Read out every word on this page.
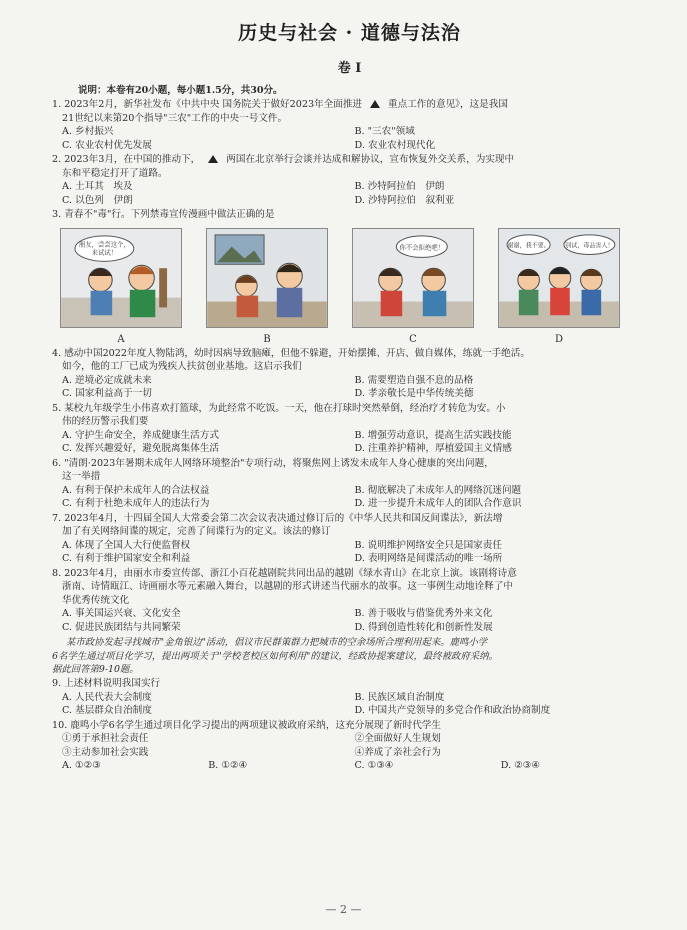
历史与社会 · 道德与法治
卷 Ⅰ
说明：本卷有20小题，每小题1.5分，共30分。
1. 2023年2月，新华社发布《中共中央 国务院关于做好2023年全面推进	重点工作的意见》，这是我国
21世纪以来第20个指导"三农"工作的中央一号文件。
A. 乡村振兴	B. "三农"领域
C. 农业农村优先发展	D. 农业农村现代化
2. 2023年3月，在中国的推动下，	两国在北京举行会谈并达成和解协议，宣布恢复外交关系，为实现中
东和平稳定打开了道路。
A. 土耳其　埃及	B. 沙特阿拉伯　伊朗
C. 以色列　伊朗	D. 沙特阿拉伯　叙利亚
3. 青春不"毒"行。下列禁毒宣传漫画中做法正确的是
朋友，尝尝这个，
来试试！
A	B
你不会拒绝吧！
C
谢谢，我不要。 别试，毒品害人！
D
4. 感动中国2022年度人物陆鸿，幼时因病导致脑瘫，但他不躲避，开始摆摊、开店、做自媒体，练就一手绝活。
如今，他的工厂已成为残疾人扶贫创业基地。这启示我们
A. 逆境必定成就未来	B. 需要塑造自强不息的品格
C. 国家利益高于一切	D. 孝亲敬长是中华传统美德
5. 某校九年级学生小伟喜欢打篮球，为此经常不吃饭。一天，他在打球时突然晕倒，经治疗才转危为安。小
伟的经历警示我们要
A. 守护生命安全，养成健康生活方式	B. 增强劳动意识，提高生活实践技能
C. 发挥兴趣爱好，避免脱离集体生活	D. 注重养护精神，厚植爱国主义情感
6. "清朗·2023年暑期未成年人网络环境整治"专项行动，将聚焦网上诱发未成年人身心健康的突出问题，
这一举措
A. 有利于保护未成年人的合法权益	B. 彻底解决了未成年人的网络沉迷问题
C. 有利于杜绝未成年人的违法行为	D. 进一步提升未成年人的团队合作意识
7. 2023年4月，十四届全国人大常委会第二次会议表决通过修订后的《中华人民共和国反间谍法》，新法增
加了有关网络间谍的规定，完善了间谍行为的定义。该法的修订
A. 体现了全国人大行使监督权	B. 说明维护网络安全只是国家责任
C. 有利于维护国家安全和利益	D. 表明网络是间谍活动的唯一场所
8. 2023年4月，由丽水市委宣传部、浙江小百花越剧院共同出品的越剧《绿水青山》在北京上演。该剧将诗意
浙南、诗情瓯江、诗画丽水等元素融入舞台，以越剧的形式讲述当代丽水的故事。这一事例生动地诠释了中
华优秀传统文化
A. 事关国运兴衰、文化安全	B. 善于吸收与借鉴优秀外来文化
C. 促进民族团结与共同繁荣	D. 得到创造性转化和创新性发展
某市政协发起寻找城市"金角银边"活动，倡议市民群策群力把城市的空余场所合理利用起来。鹿鸣小学
6名学生通过项目化学习，提出两项关于"学校老校区如何利用"的建议，经政协提案建议，最终被政府采纳。
据此回答第9-10题。
9. 上述材料说明我国实行
A. 人民代表大会制度	B. 民族区域自治制度
C. 基层群众自治制度	D. 中国共产党领导的多党合作和政治协商制度
10. 鹿鸣小学6名学生通过项目化学习提出的两项建议被政府采纳，这充分展现了新时代学生
①勇于承担社会责任	②全面做好人生规划
③主动参加社会实践	④养成了亲社会行为
A. ①②③	B. ①②④	C. ①③④	D. ②③④
— 2 —
